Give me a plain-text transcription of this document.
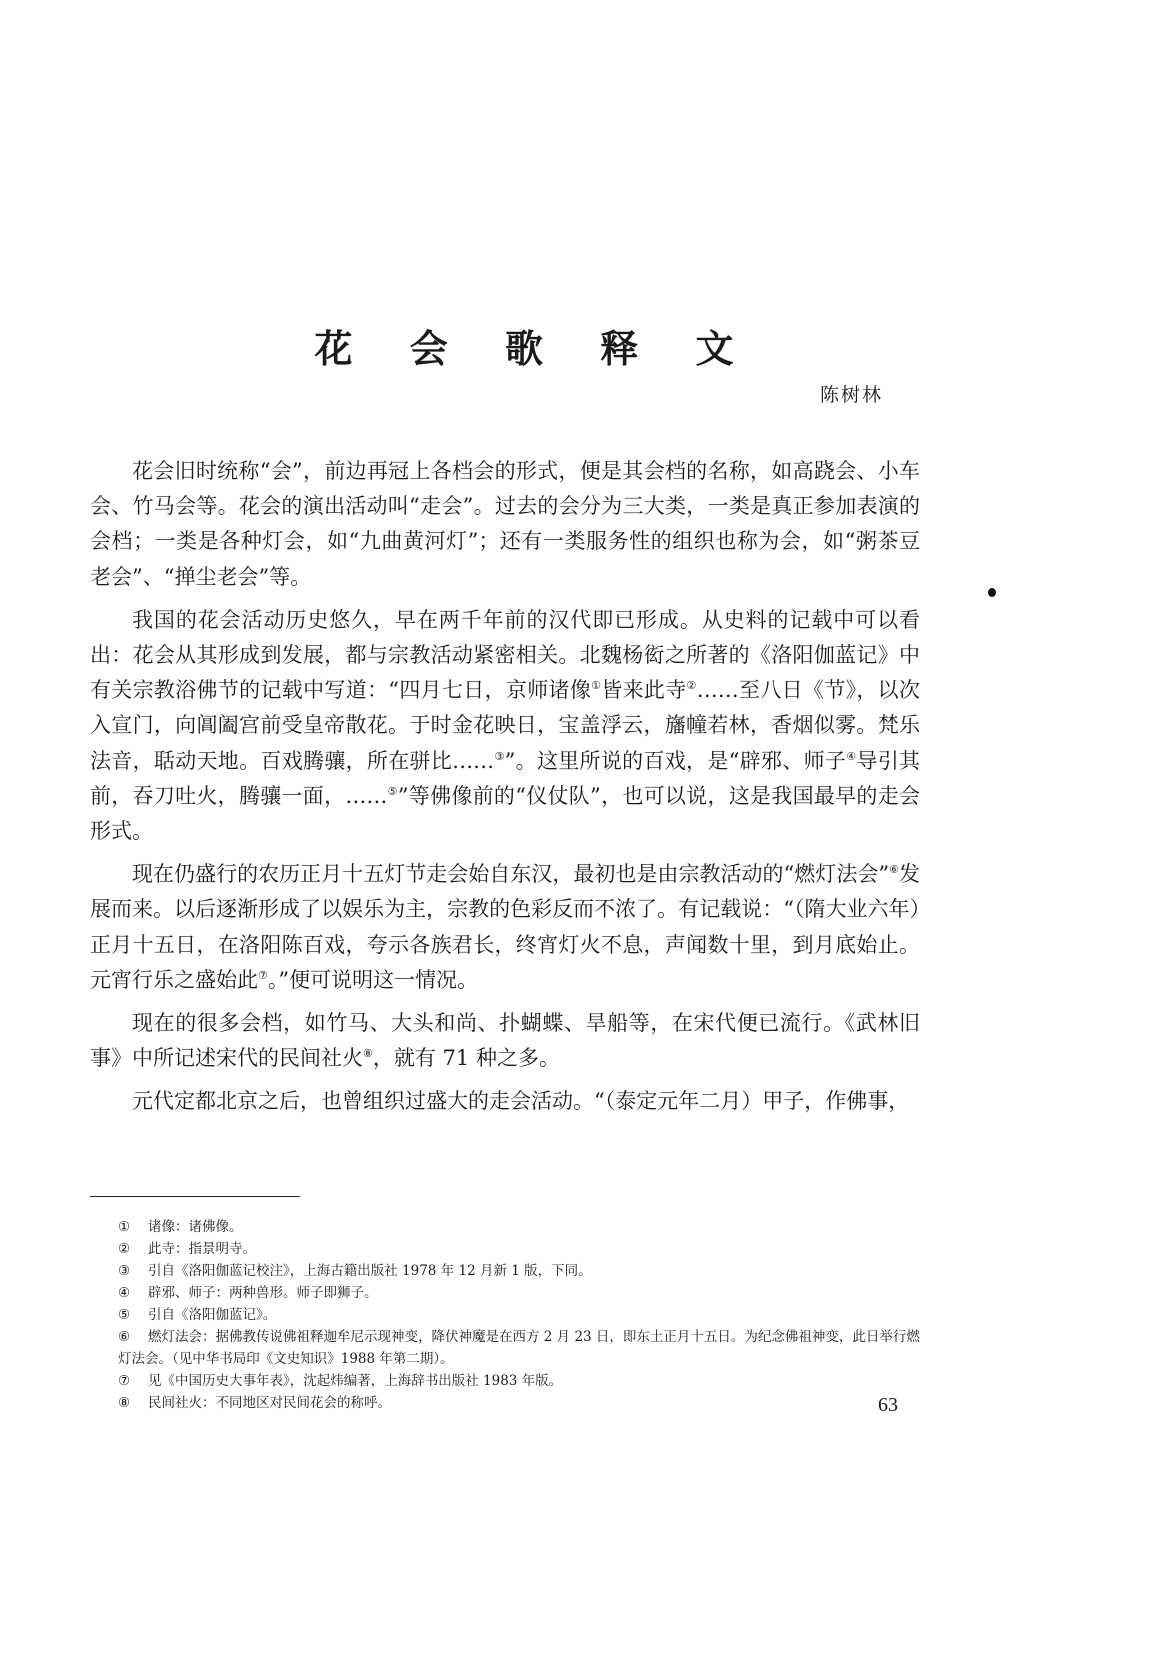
花 会 歌 释 文
陈树林

花会旧时统称“会”，前边再冠上各档会的形式，便是其会档的名称，如高跷会、小车会、竹马会等。花会的演出活动叫“走会”。过去的会分为三大类，一类是真正参加表演的会档；一类是各种灯会，如“九曲黄河灯”；还有一类服务性的组织也称为会，如“粥茶豆老会”、“掸尘老会”等。

我国的花会活动历史悠久，早在两千年前的汉代即已形成。从史料的记载中可以看出：花会从其形成到发展，都与宗教活动紧密相关。北魏杨衒之所著的《洛阳伽蓝记》中有关宗教浴佛节的记载中写道：“四月七日，京师诸像①皆来此寺②……至八日《节》，以次入宣门，向阊阖宫前受皇帝散花。于时金花映日，宝盖浮云，旛幢若林，香烟似雾。梵乐法音，聒动天地。百戏腾骧，所在骈比……③”。这里所说的百戏，是“辟邪、师子④导引其前，吞刀吐火，腾骧一面，……⑤”等佛像前的“仪仗队”，也可以说，这是我国最早的走会形式。

现在仍盛行的农历正月十五灯节走会始自东汉，最初也是由宗教活动的“燃灯法会”⑥发展而来。以后逐渐形成了以娱乐为主，宗教的色彩反而不浓了。有记载说：“（隋大业六年）正月十五日，在洛阳陈百戏，夸示各族君长，终宵灯火不息，声闻数十里，到月底始止。元宵行乐之盛始此⑦。”便可说明这一情况。

现在的很多会档，如竹马、大头和尚、扑蝴蝶、旱船等，在宋代便已流行。《武林旧事》中所记述宋代的民间社火⑧，就有 71 种之多。

元代定都北京之后，也曾组织过盛大的走会活动。“（泰定元年二月）甲子，作佛事，

① 诸像：诸佛像。
② 此寺：指景明寺。
③ 引自《洛阳伽蓝记校注》，上海古籍出版社 1978 年 12 月新 1 版，下同。
④ 辟邪、师子：两种兽形。师子即狮子。
⑤ 引自《洛阳伽蓝记》。
⑥ 燃灯法会：据佛教传说佛祖释迦牟尼示现神变，降伏神魔是在西方 2 月 23 日，即东土正月十五日。为纪念佛祖神变，此日举行燃灯法会。（见中华书局印《文史知识》1988 年第二期）。
⑦ 见《中国历史大事年表》，沈起炜编著，上海辞书出版社 1983 年版。
⑧ 民间社火：不同地区对民间花会的称呼。	63
